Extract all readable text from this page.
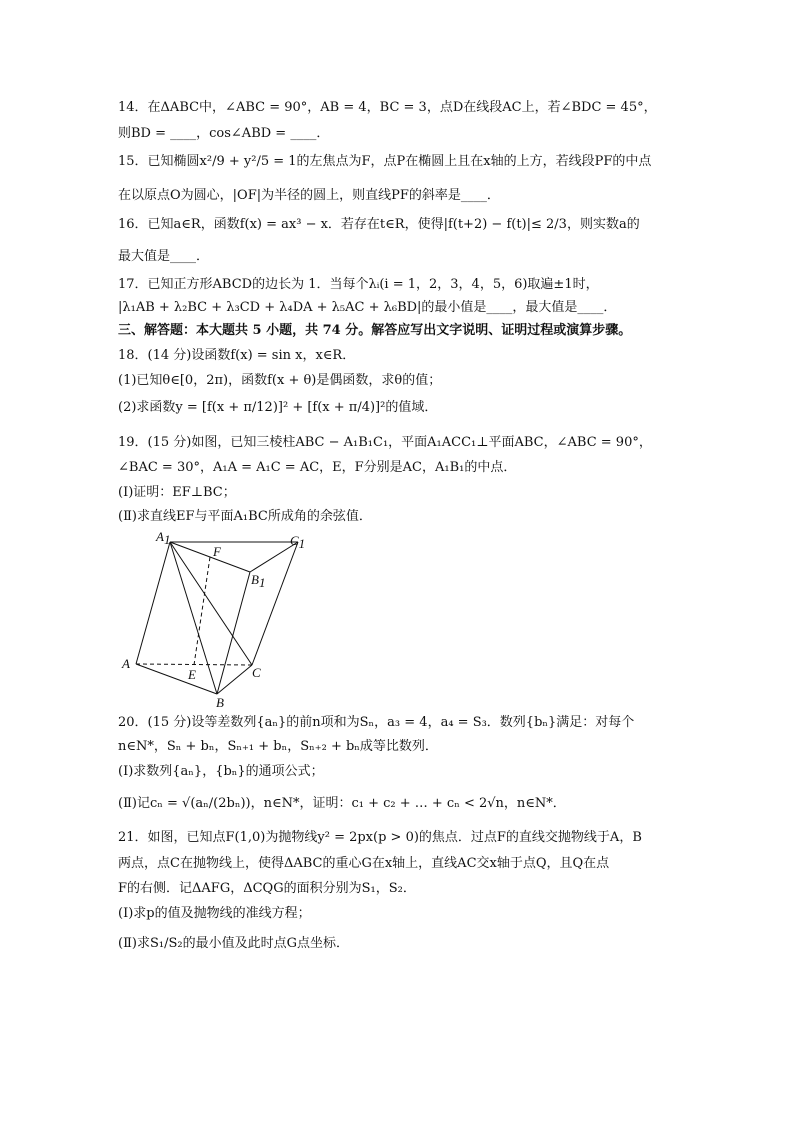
14．在ΔABC中，∠ABC = 90°，AB = 4，BC = 3，点D在线段AC上，若∠BDC = 45°，
则BD = ____，cos∠ABD = ____．
15．已知椭圆x²/9 + y²/5 = 1的左焦点为F，点P在椭圆上且在x轴的上方，若线段PF的中点
在以原点O为圆心，|OF|为半径的圆上，则直线PF的斜率是____．
16．已知a∈R，函数f(x) = ax³ − x．若存在t∈R，使得|f(t+2) − f(t)|≤ 2/3，则实数a的
最大值是____．
17．已知正方形ABCD的边长为 1．当每个λᵢ(i = 1，2，3，4，5，6)取遍±1时，
|λ₁AB + λ₂BC + λ₃CD + λ₄DA + λ₅AC + λ₆BD|的最小值是____，最大值是____．
三、解答题：本大题共 5 小题，共 74 分。解答应写出文字说明、证明过程或演算步骤。
18．(14 分)设函数f(x) = sin x，x∈R．
(1)已知θ∈[0，2π)，函数f(x + θ)是偶函数，求θ的值；
(2)求函数y = [f(x + π/12)]² + [f(x + π/4)]²的值域．
19．(15 分)如图，已知三棱柱ABC − A₁B₁C₁，平面A₁ACC₁⊥平面ABC，∠ABC = 90°，
∠BAC = 30°，A₁A = A₁C = AC，E，F分别是AC，A₁B₁的中点．
(Ⅰ)证明：EF⊥BC；
(Ⅱ)求直线EF与平面A₁BC所成角的余弦值．
A1	C1
B1
F
A
E	C
B
20．(15 分)设等差数列{aₙ}的前n项和为Sₙ，a₃ = 4，a₄ = S₃．数列{bₙ}满足：对每个
n∈N*，Sₙ + bₙ，Sₙ₊₁ + bₙ，Sₙ₊₂ + bₙ成等比数列．
(Ⅰ)求数列{aₙ}，{bₙ}的通项公式；
(Ⅱ)记cₙ = √(aₙ/(2bₙ))，n∈N*，证明：c₁ + c₂ + … + cₙ < 2√n，n∈N*．
21．如图，已知点F(1,0)为抛物线y² = 2px(p > 0)的焦点．过点F的直线交抛物线于A，B
两点，点C在抛物线上，使得ΔABC的重心G在x轴上，直线AC交x轴于点Q，且Q在点
F的右侧．记ΔAFG，ΔCQG的面积分别为S₁，S₂．
(Ⅰ)求p的值及抛物线的准线方程；
(Ⅱ)求S₁/S₂的最小值及此时点G点坐标．
